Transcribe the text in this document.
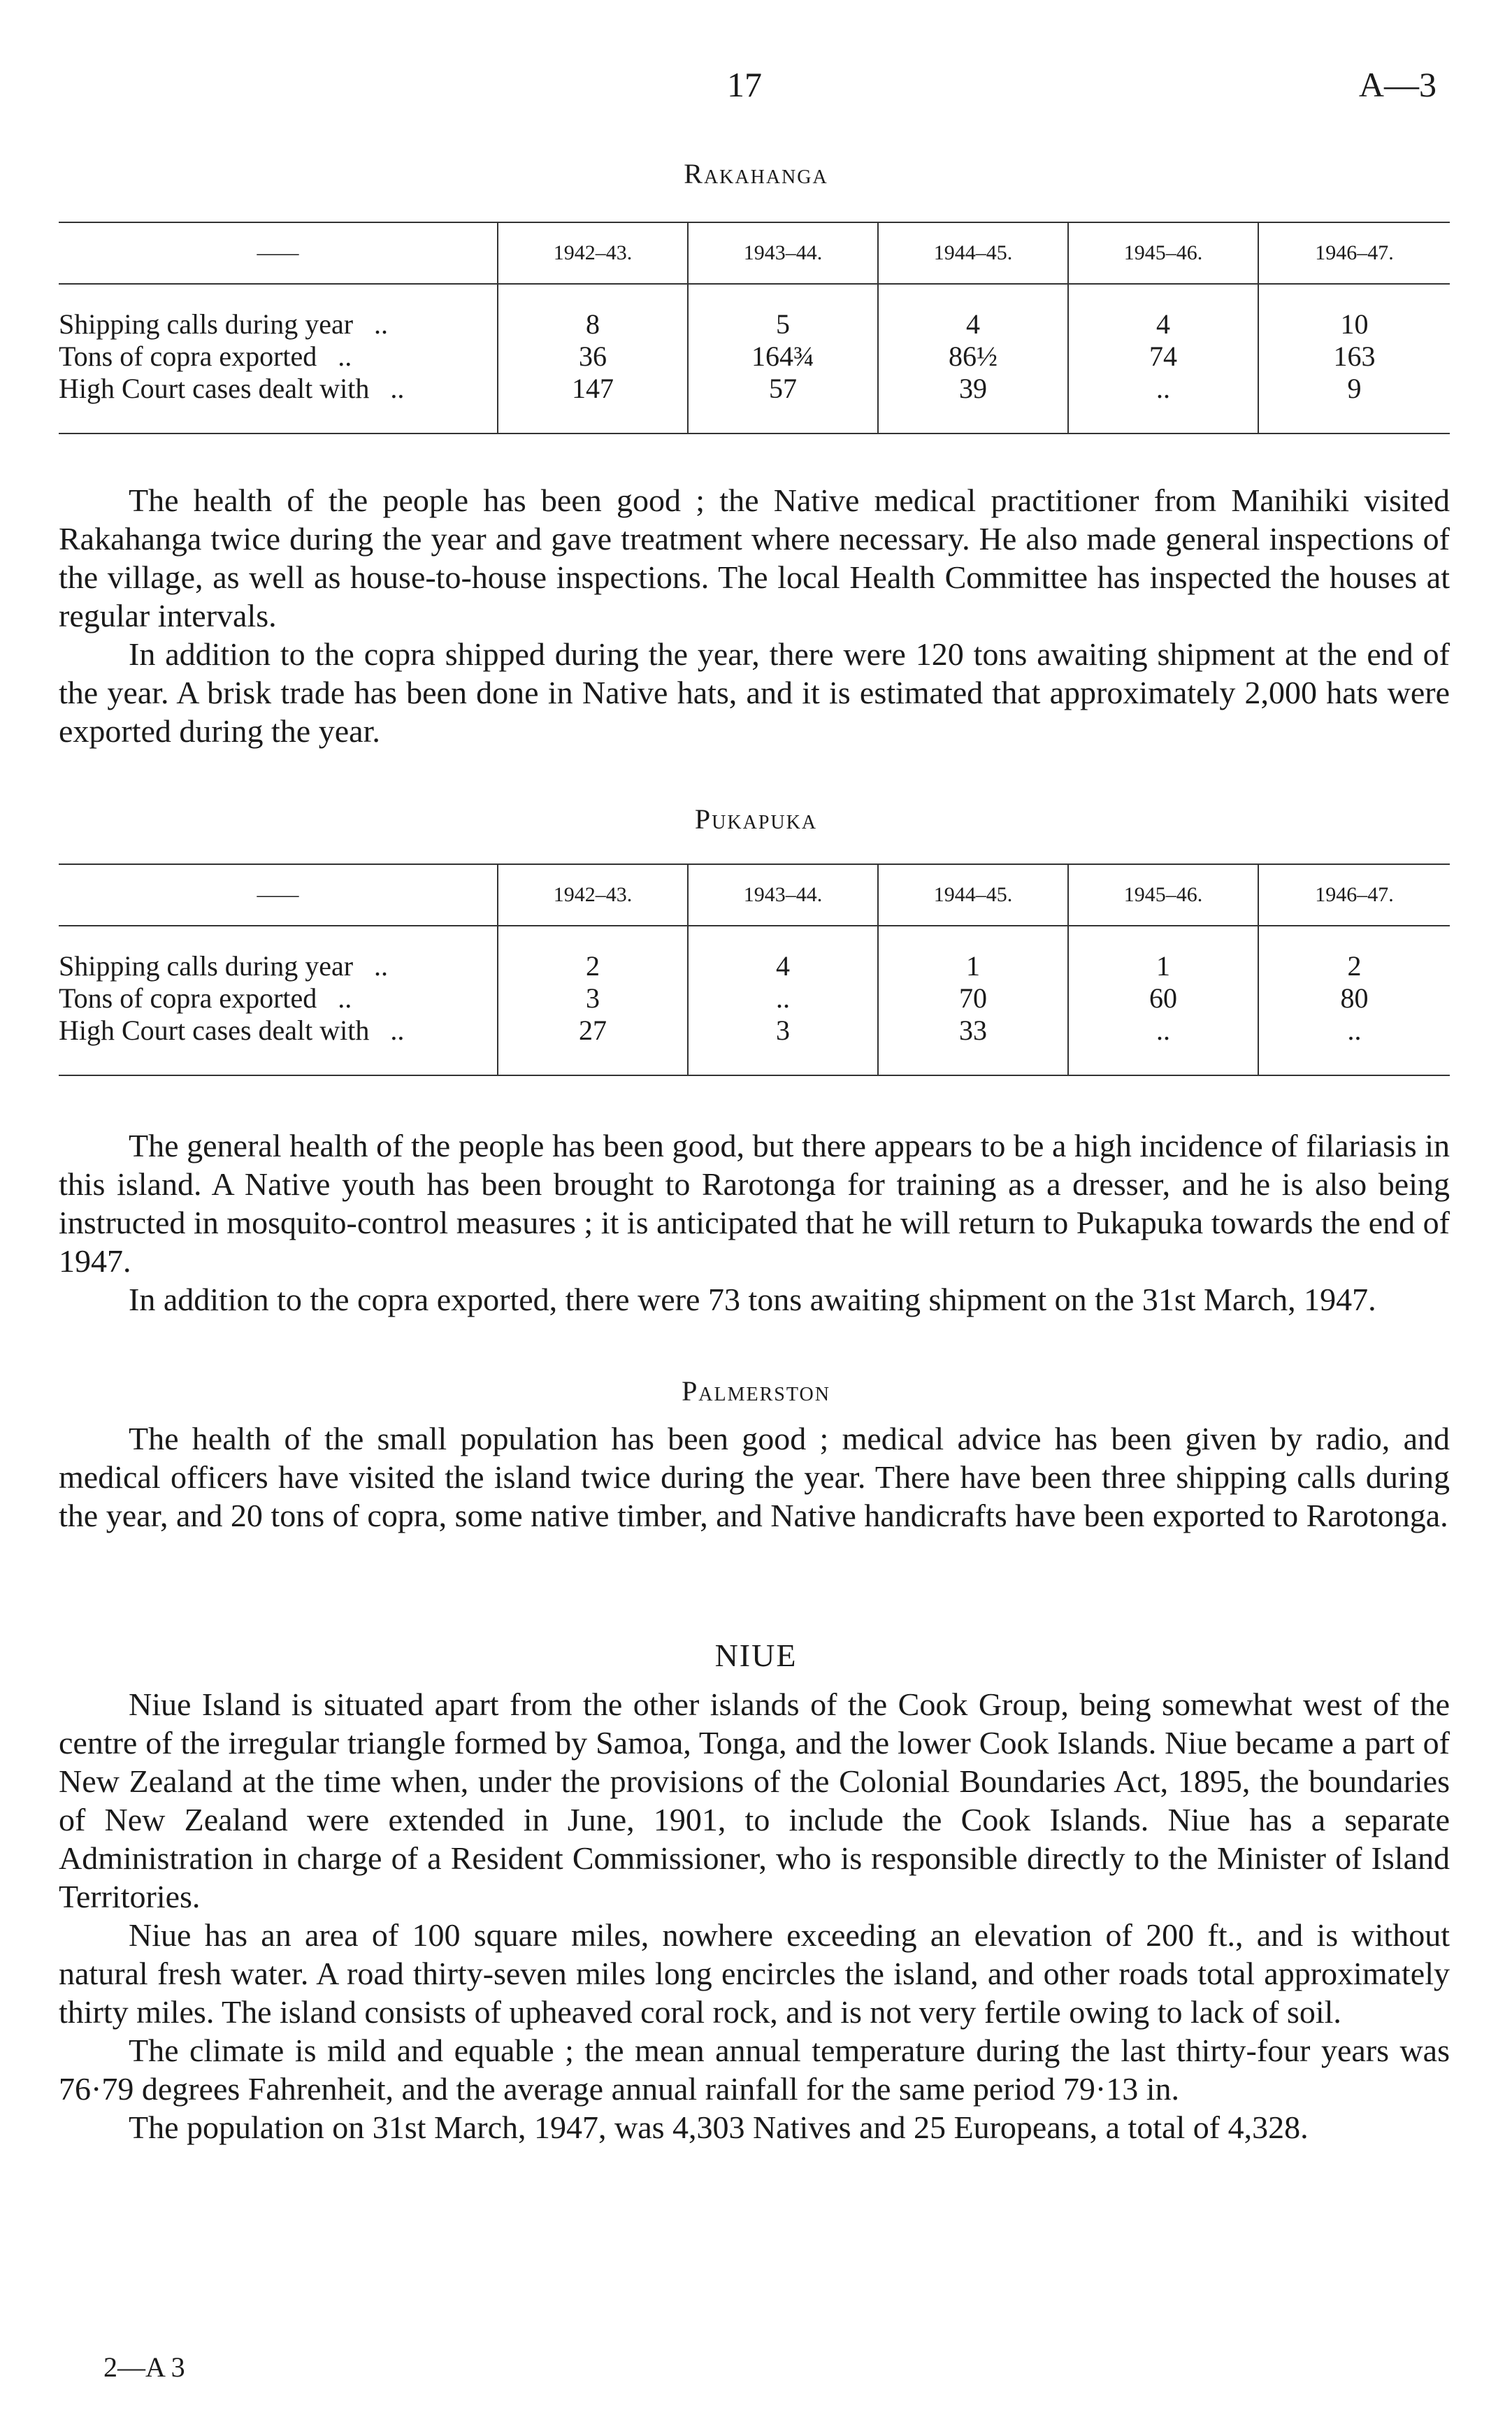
17	A—3
Rakahanga
——	1942–43.	1943–44.	1944–45.	1945–46.	1946–47.

Shipping calls during year ..	8	5	4	4	10
Tons of copra exported ..	36	164¾	86½	74	163
High Court cases dealt with ..	147	57	39	..	9

The health of the people has been good ; the Native medical practitioner from Manihiki visited Rakahanga twice during the year and gave treatment where necessary. He also made general inspections of the village, as well as house-to-house inspections. The local Health Committee has inspected the houses at regular intervals.

In addition to the copra shipped during the year, there were 120 tons awaiting shipment at the end of the year. A brisk trade has been done in Native hats, and it is estimated that approximately 2,000 hats were exported during the year.

Pukapuka
——	1942–43.	1943–44.	1944–45.	1945–46.	1946–47.

Shipping calls during year ..	2	4	1	1	2
Tons of copra exported ..	3	..	70	60	80
High Court cases dealt with ..	27	3	33	..	..

The general health of the people has been good, but there appears to be a high incidence of filariasis in this island. A Native youth has been brought to Rarotonga for training as a dresser, and he is also being instructed in mosquito-control measures ; it is anticipated that he will return to Pukapuka towards the end of 1947.

In addition to the copra exported, there were 73 tons awaiting shipment on the 31st March, 1947.

Palmerston

The health of the small population has been good ; medical advice has been given by radio, and medical officers have visited the island twice during the year. There have been three shipping calls during the year, and 20 tons of copra, some native timber, and Native handicrafts have been exported to Rarotonga.

NIUE

Niue Island is situated apart from the other islands of the Cook Group, being somewhat west of the centre of the irregular triangle formed by Samoa, Tonga, and the lower Cook Islands. Niue became a part of New Zealand at the time when, under the provisions of the Colonial Boundaries Act, 1895, the boundaries of New Zealand were extended in June, 1901, to include the Cook Islands. Niue has a separate Administration in charge of a Resident Commissioner, who is responsible directly to the Minister of Island Territories.

Niue has an area of 100 square miles, nowhere exceeding an elevation of 200 ft., and is without natural fresh water. A road thirty-seven miles long encircles the island, and other roads total approximately thirty miles. The island consists of upheaved coral rock, and is not very fertile owing to lack of soil.

The climate is mild and equable ; the mean annual temperature during the last thirty-four years was 76·79 degrees Fahrenheit, and the average annual rainfall for the same period 79·13 in.

The population on 31st March, 1947, was 4,303 Natives and 25 Europeans, a total of 4,328.

2—A 3
